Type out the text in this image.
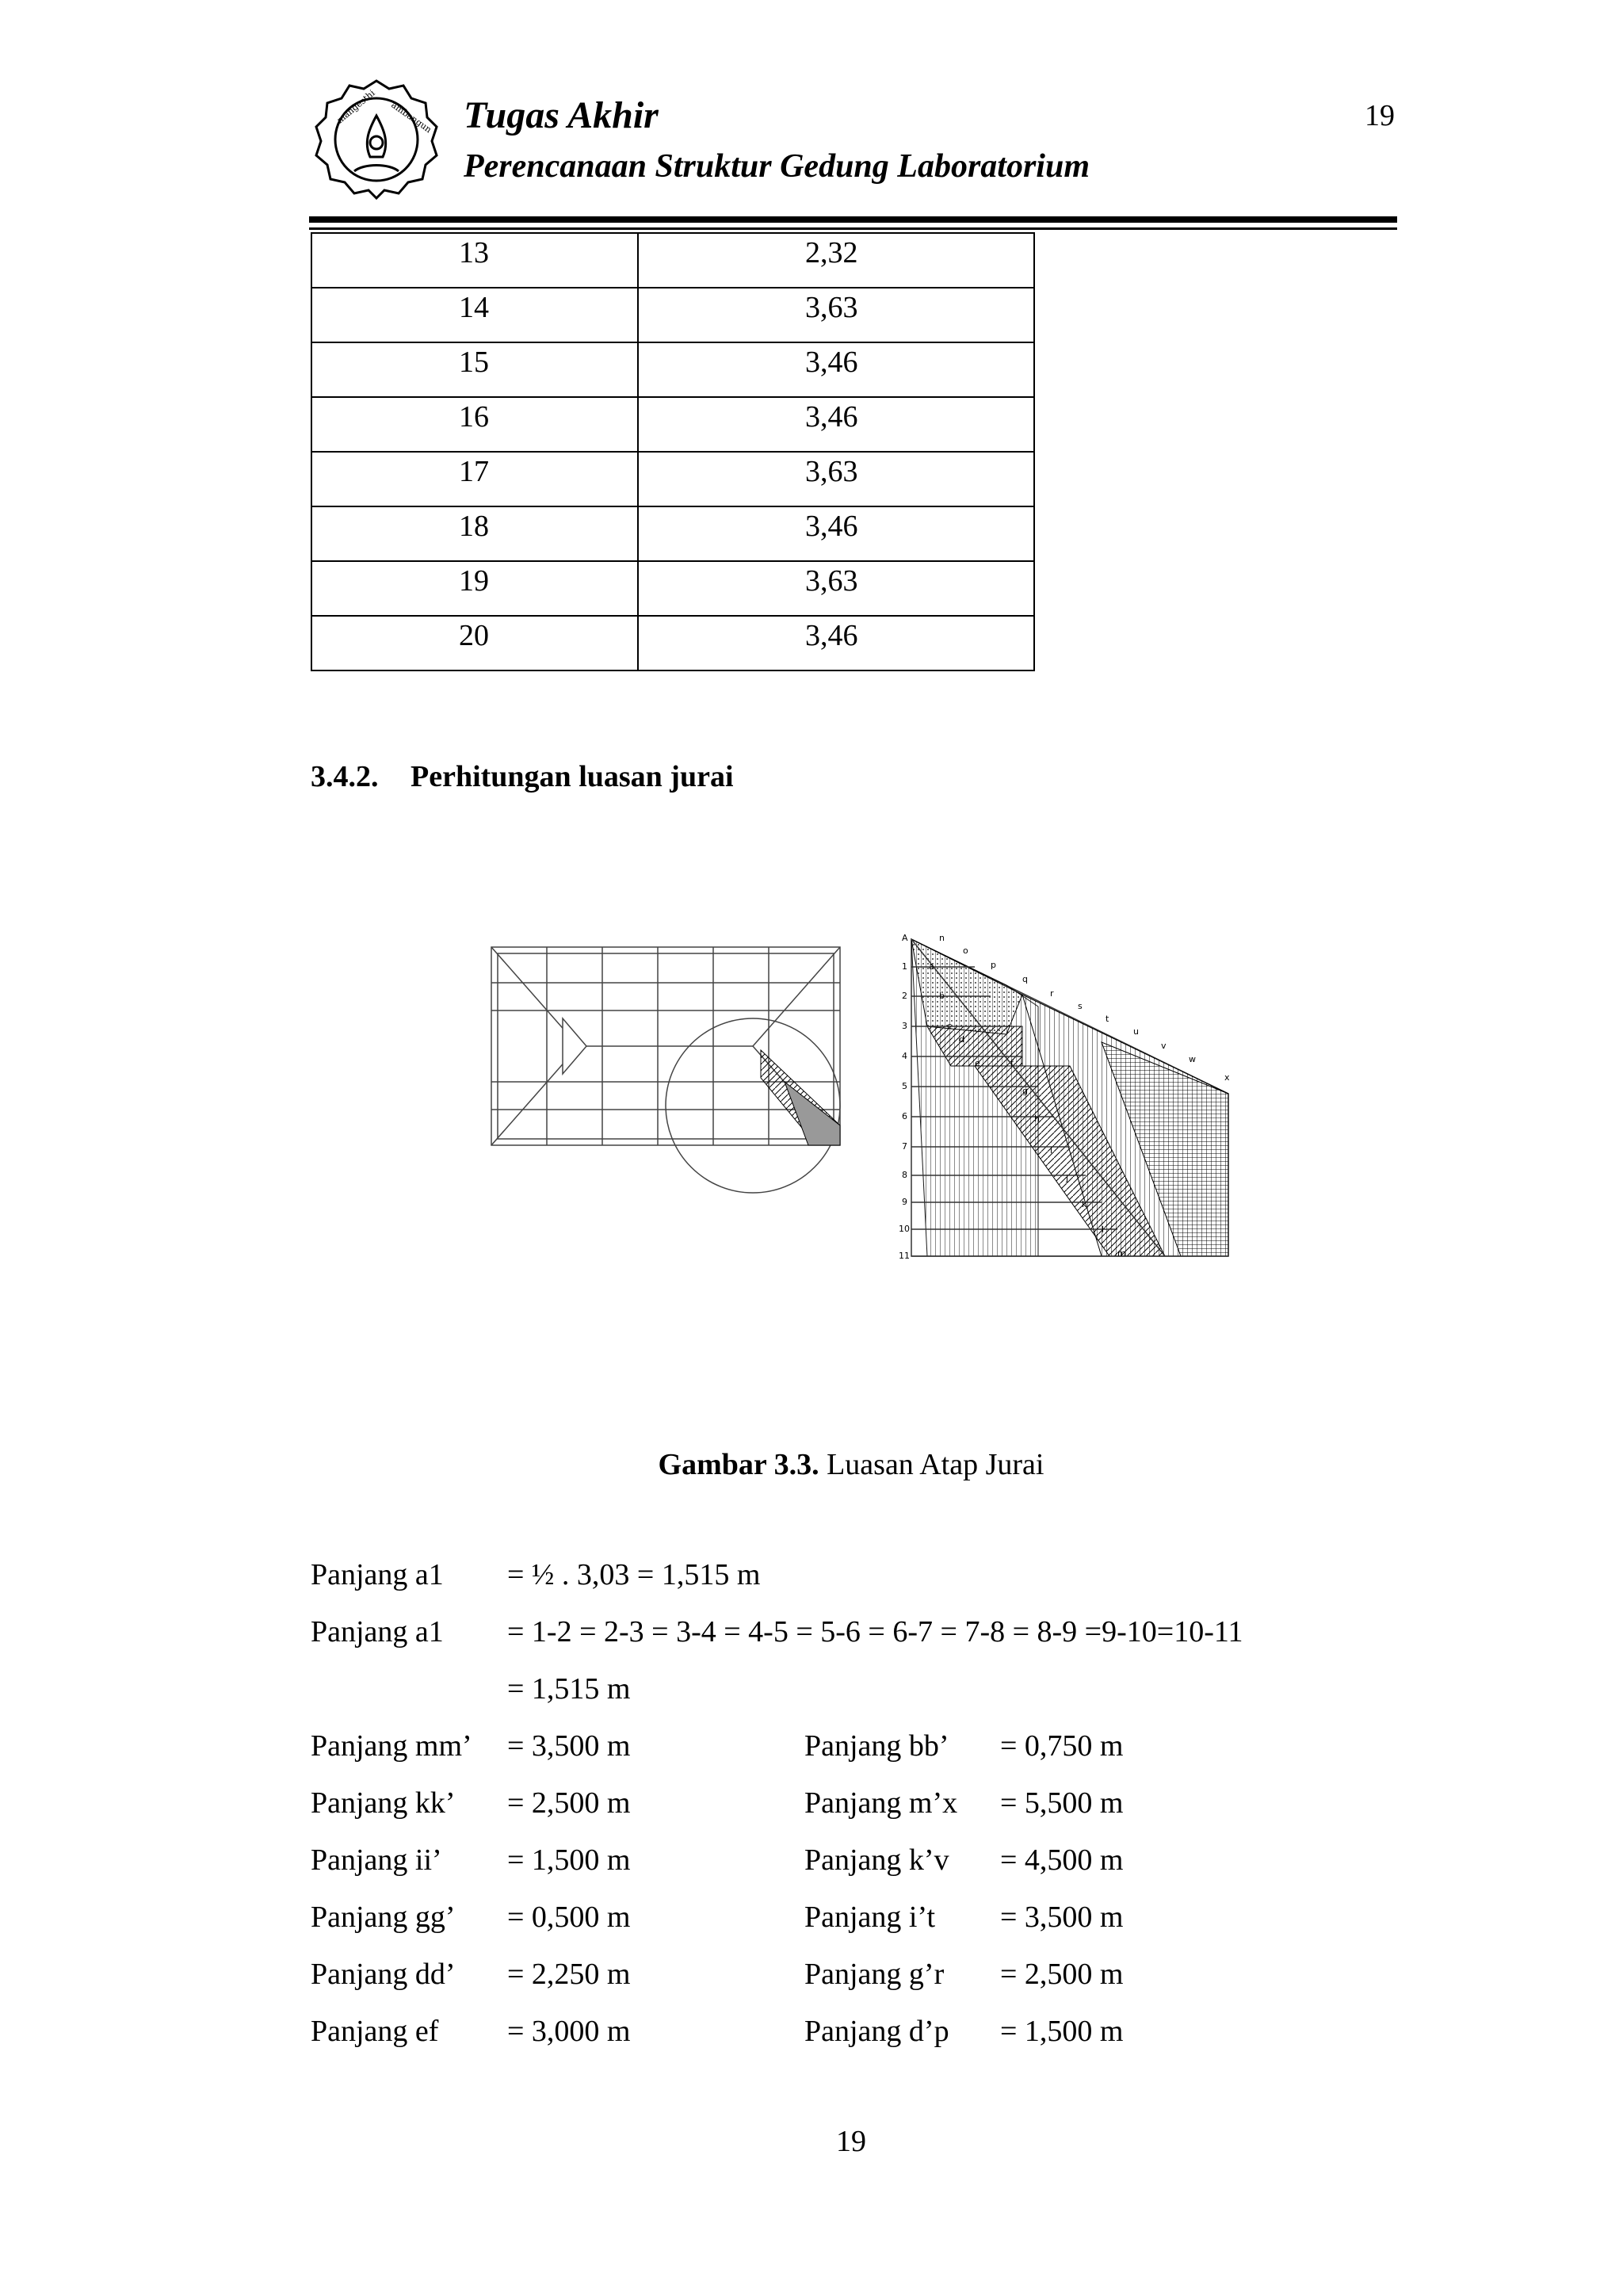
mangesthi ambangun Tugas Akhir
Perencanaan Struktur Gedung Laboratorium
19
13	2,32
14	3,63
15	3,46
16	3,46
17	3,63
18	3,46
19	3,63
20	3,46
3.4.2. Perhitungan luasan jurai
A
1
2
3
4
5
6
7
8
9
10
11
n
o
p
q
r
s
t
u
v
w
x
a
b
c
d
e	f
g
h
i
j
k
l
m
Gambar 3.3. Luasan Atap Jurai
Panjang a1 = ½ . 3,03 = 1,515 m
Panjang a1 = 1-2 = 2-3 = 3-4 = 4-5 = 5-6 = 6-7 = 7-8 = 8-9 =9-10=10-11
= 1,515 m
Panjang mm’ = 3,500 m	Panjang bb’ = 0,750 m
Panjang kk’ = 2,500 m	Panjang m’x = 5,500 m
Panjang ii’ = 1,500 m	Panjang k’v = 4,500 m
Panjang gg’ = 0,500 m	Panjang i’t = 3,500 m
Panjang dd’ = 2,250 m	Panjang g’r = 2,500 m
Panjang ef = 3,000 m	Panjang d’p = 1,500 m
19
